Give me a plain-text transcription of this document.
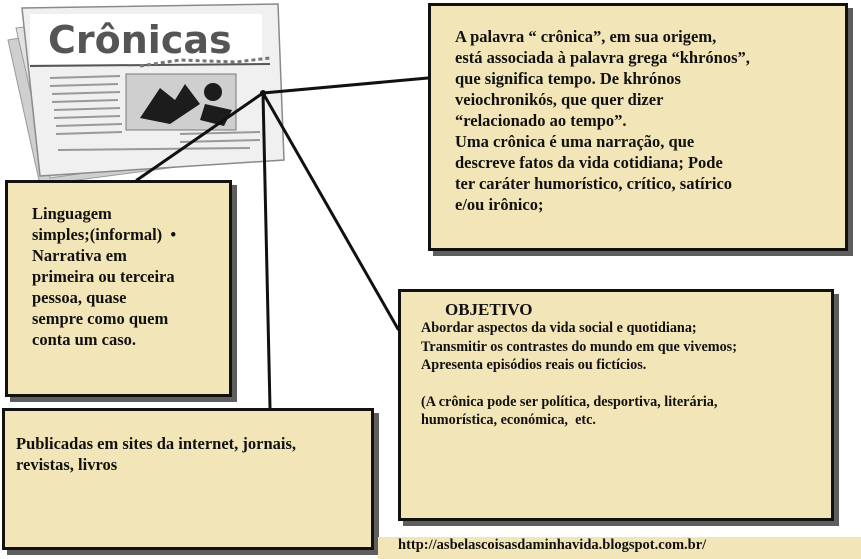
Crônicas	A palavra “ crônica”, em sua origem,

está associada à palavra grega “khrónos”,

que significa tempo. De khrónos

veiochronikós, que quer dizer

“relacionado ao tempo”.

Uma crônica é uma narração, que

descreve fatos da vida cotidiana; Pode

ter caráter humorístico, crítico, satírico

e/ou irônico;

Linguagem

simples;(informal)  •

Narrativa em

primeira ou terceira

pessoa, quase

sempre como quem

conta um caso.

OBJETIVO

Abordar aspectos da vida social e quotidiana;

Transmitir os contrastes do mundo em que vivemos;

Apresenta episódios reais ou fictícios.

(A crônica pode ser política, desportiva, literária,

humorística, económica,  etc.

Publicadas em sites da internet, jornais,

revistas, livros

http://asbelascoisasdaminhavida.blogspot.com.br/
